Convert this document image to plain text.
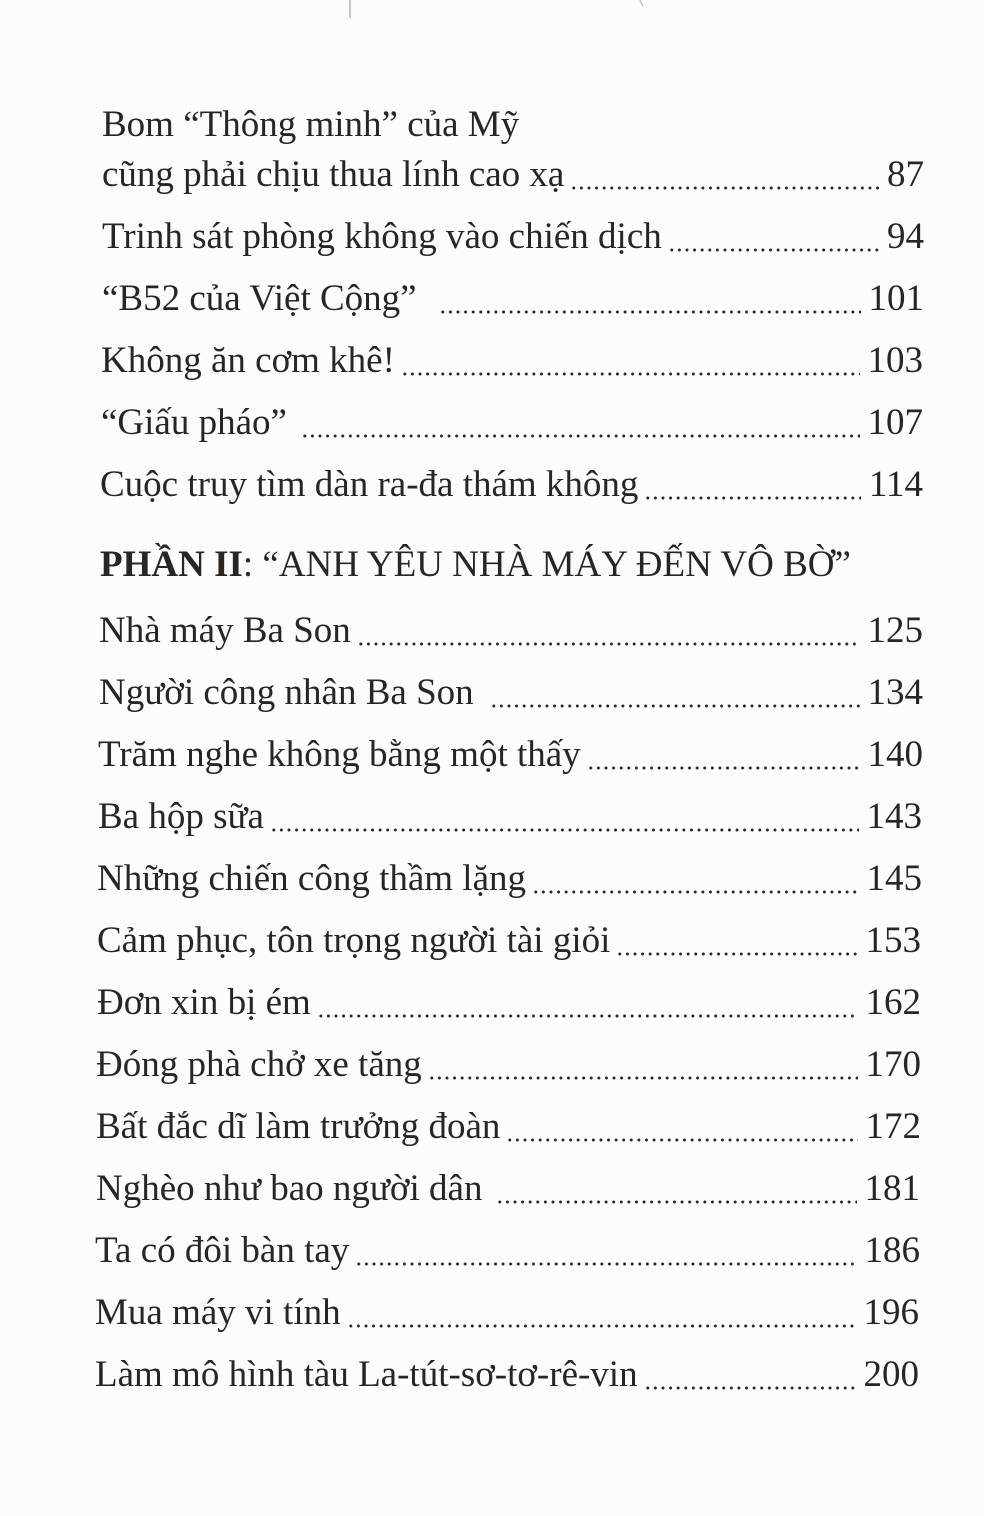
Bom “Thông minh” của Mỹ
cũng phải chịu thua lính cao xạ	87
Trinh sát phòng không vào chiến dịch	94
“B52 của Việt Cộng”	101
Không ăn cơm khê!	103
“Giấu pháo”	107
Cuộc truy tìm dàn ra-đa thám không	114
PHẦN II: “ANH YÊU NHÀ MÁY ĐẾN VÔ BỜ”
Nhà máy Ba Son	125
Người công nhân Ba Son	134
Trăm nghe không bằng một thấy	140
Ba hộp sữa	143
Những chiến công thầm lặng	145
Cảm phục, tôn trọng người tài giỏi	153
Đơn xin bị ém	162
Đóng phà chở xe tăng	170
Bất đắc dĩ làm trưởng đoàn	172
Nghèo như bao người dân	181
Ta có đôi bàn tay	186
Mua máy vi tính	196
Làm mô hình tàu La-tút-sơ-tơ-rê-vin	200
